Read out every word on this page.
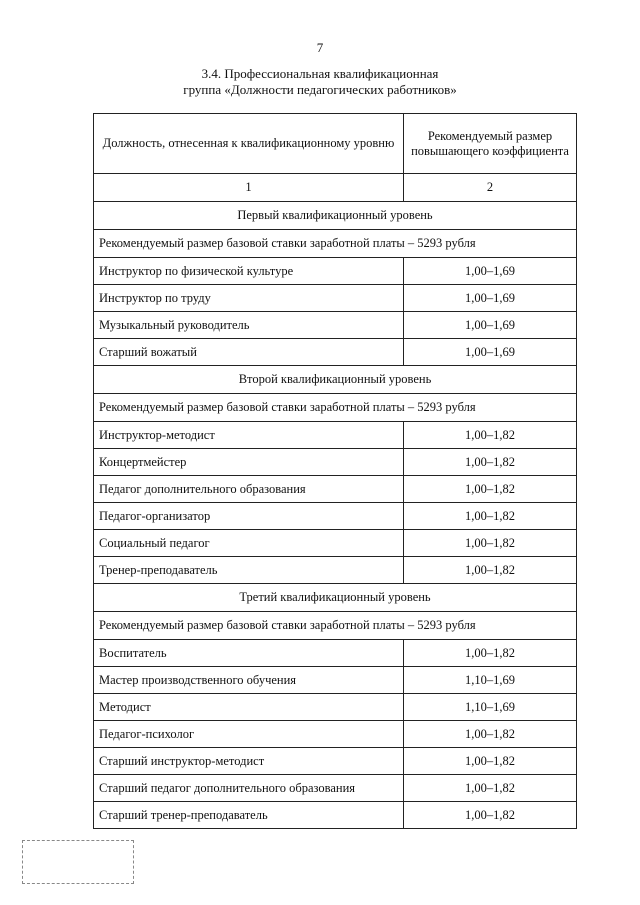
7
3.4. Профессиональная квалификационная
группа «Должности педагогических работников»
Должность, отнесенная к квалификационному уровню	Рекомендуемый размер повышающего коэффициента
1	2
Первый квалификационный уровень	
Рекомендуемый размер базовой ставки заработной платы – 5293 рубля	
Инструктор по физической культуре	1,00–1,69
Инструктор по труду	1,00–1,69
Музыкальный руководитель	1,00–1,69
Старший вожатый	1,00–1,69
Второй квалификационный уровень	
Рекомендуемый размер базовой ставки заработной платы – 5293 рубля	
Инструктор-методист	1,00–1,82
Концертмейстер	1,00–1,82
Педагог дополнительного образования	1,00–1,82
Педагог-организатор	1,00–1,82
Социальный педагог	1,00–1,82
Тренер-преподаватель	1,00–1,82
Третий квалификационный уровень	
Рекомендуемый размер базовой ставки заработной платы – 5293 рубля	
Воспитатель	1,00–1,82
Мастер производственного обучения	1,10–1,69
Методист	1,10–1,69
Педагог-психолог	1,00–1,82
Старший инструктор-методист	1,00–1,82
Старший педагог дополнительного образования	1,00–1,82
Старший тренер-преподаватель	1,00–1,82
